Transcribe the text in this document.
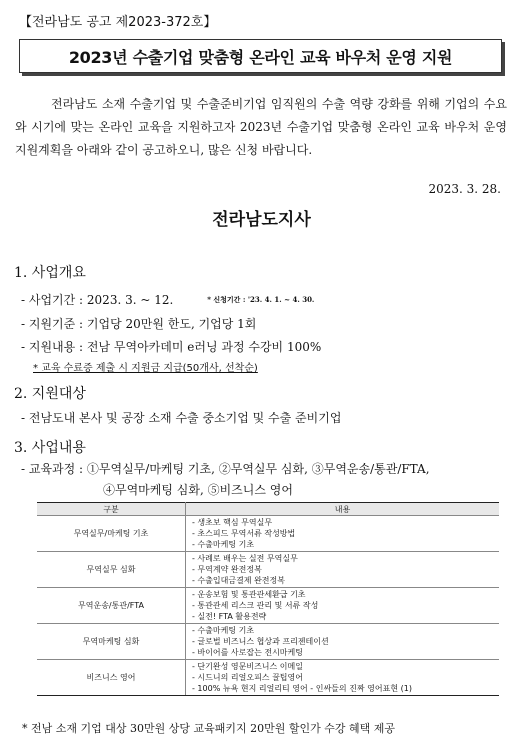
【전라남도 공고 제2023-372호】
2023년 수출기업 맞춤형 온라인 교육 바우처 운영 지원
전라남도 소재 수출기업 및 수출준비기업 임직원의 수출 역량 강화를 위해 기업의 수요와 시기에 맞는 온라인 교육을 지원하고자 2023년 수출기업 맞춤형 온라인 교육 바우처 운영 지원계획을 아래와 같이 공고하오니, 많은 신청 바랍니다.
2023. 3. 28.
전라남도지사
1. 사업개요
- 사업기간 : 2023. 3. ~ 12.	* 신청기간 : '23. 4. 1. ~ 4. 30.
- 지원기준 : 기업당 20만원 한도, 기업당 1회
- 지원내용 : 전남 무역아카데미 e러닝 과정 수강비 100%
* 교육 수료증 제출 시 지원금 지급(50개사, 선착순)
2. 지원대상
- 전남도내 본사 및 공장 소재 수출 중소기업 및 수출 준비기업
3. 사업내용
- 교육과정 : ①무역실무/마케팅 기초, ②무역실무 심화, ③무역운송/통관/FTA,
④무역마케팅 심화, ⑤비즈니스 영어
구분	내용
무역실무/마케팅 기초	- 생초보 핵심 무역실무
- 초스피드 무역서류 작성방법
- 수출마케팅 기초

무역실무 심화	- 사례로 배우는 실전 무역실무
- 무역계약 완전정복
- 수출입대금결제 완전정복

무역운송/통관/FTA	- 운송보험 및 통관관세환급 기초
- 통관관세 리스크 관리 및 서류 작성
- 실전! FTA 활용전략

무역마케팅 심화	- 수출마케팅 기초
- 글로벌 비즈니스 협상과 프리젠테이션
- 바이어를 사로잡는 전시마케팅

비즈니스 영어	- 단기완성 영문비즈니스 이메일
- 시드니의 리얼오피스 꿀팁영어
- 100% 뉴욕 현지 리얼리티 영어 - 인싸들의 진짜 영어표현 (1)
* 전남 소재 기업 대상 30만원 상당 교육패키지 20만원 할인가 수강 혜택 제공
